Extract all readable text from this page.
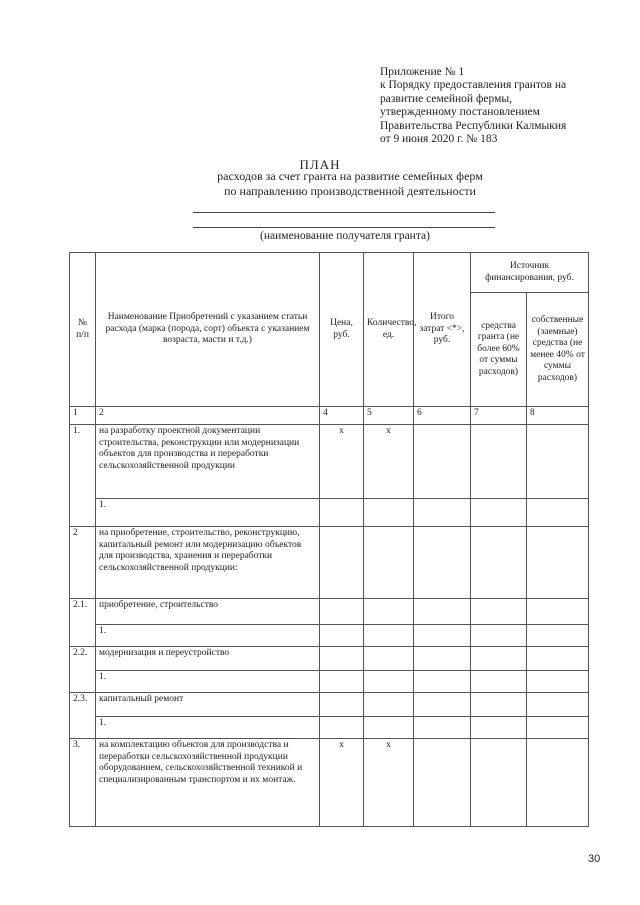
Приложение № 1
к Порядку предоставления грантов на
развитие семейной фермы,
утвержденному постановлением
Правительства Республики Калмыкия
от 9 июня 2020 г. № 183
ПЛАН
расходов за счет гранта на развитие семейных ферм
по направлению производственной деятельности
(наименование получателя гранта)
№ п/п	Наименование Приобретений с указанием статьи расхода (марка (порода, сорт) объекта с указанием возраста, масти и т.д.)	Цена, руб.	Количество, ед.	Итого затрат <*>, руб.	Источник финансирования, руб.	
					средства гранта (не более 60% от суммы расходов)	собственные (заемные) средства (не менее 40% от суммы расходов)
1	2	4	5	6	7	8
1.	на разработку проектной документации строительства, реконструкции или модернизации объектов для производства и переработки сельскохозяйственной продукции	х	х			
	1.					
2	на приобретение, строительство, реконструкцию, капитальный ремонт или модернизацию объектов для производства, хранения и переработки сельскохозяйственной продукции:					
2.1.	приобретение, строительство					
	1.					
2.2.	модернизация и переустройство					
	1.					
2.3.	капитальный ремонт					
	1.					
3.	на комплектацию объектов для производства и переработки сельскохозяйственной продукции оборудованием, сельскохозяйственной техникой и специализированным транспортом и их монтаж.	х	х			
30
